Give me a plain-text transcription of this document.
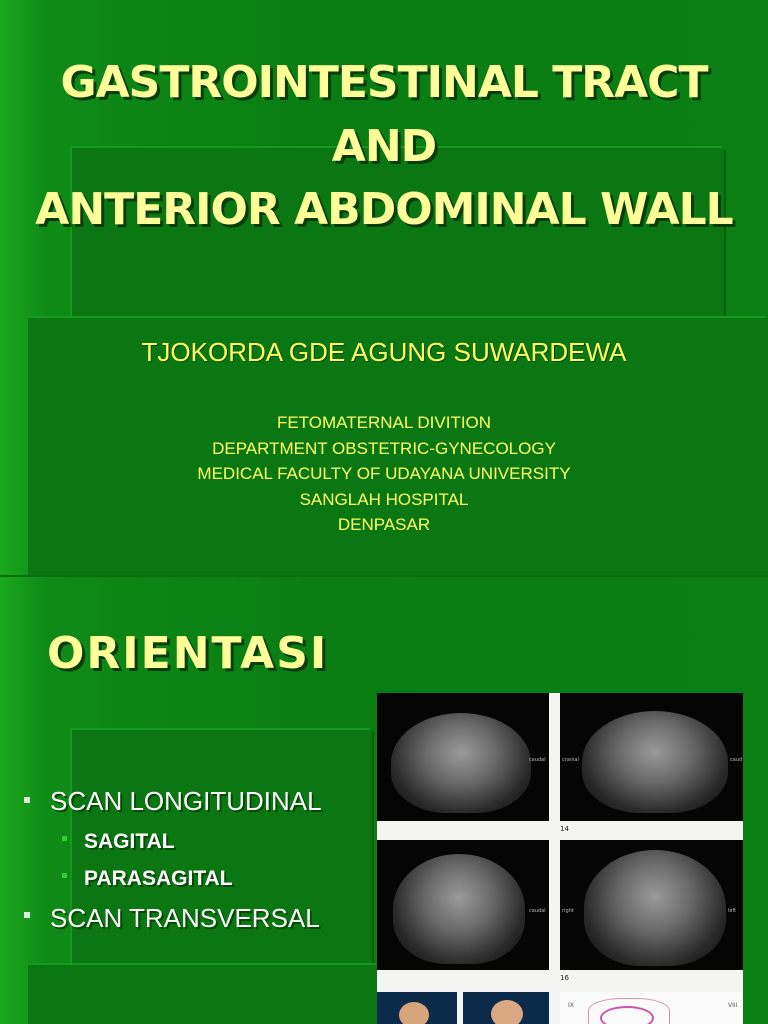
GASTROINTESTINAL TRACT
AND
ANTERIOR ABDOMINAL WALL
TJOKORDA GDE AGUNG SUWARDEWA
FETOMATERNAL DIVITION
DEPARTMENT OBSTETRIC-GYNECOLOGY
MEDICAL FACULTY OF UDAYANA UNIVERSITY
SANGLAH HOSPITAL
DENPASAR
ORIENTASI
SCAN LONGITUDINAL
SAGITAL
PARASAGITAL
SCAN TRANSVERSAL
caudal	cranial	caud
14
caudal	right	left
16
IX	VIII
